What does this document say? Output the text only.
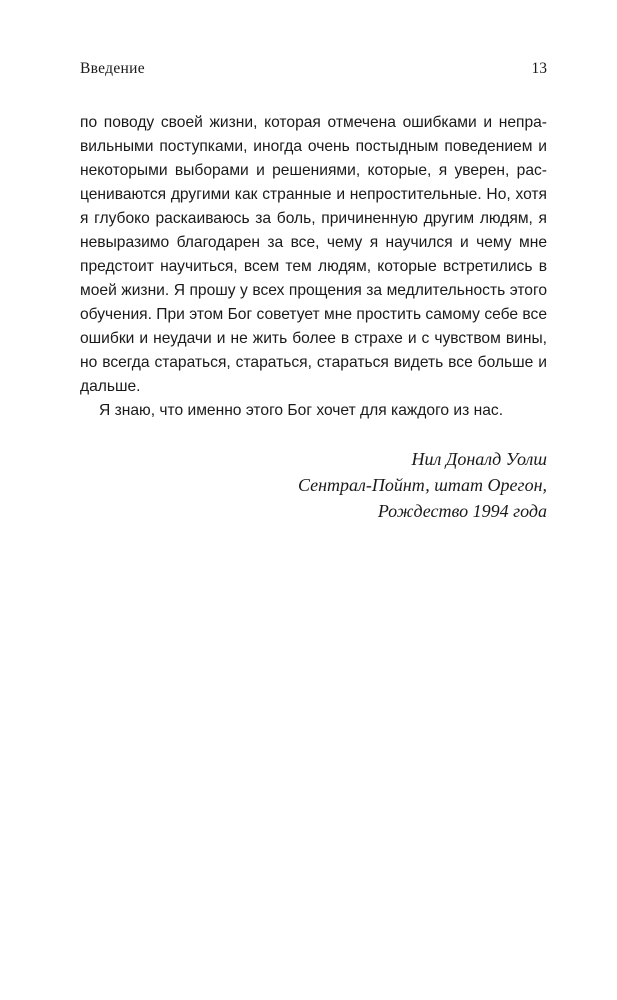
Введение	13
по поводу своей жизни, которая отмечена ошибками и непра-
вильными поступками, иногда очень постыдным поведением и
некоторыми выборами и решениями, которые, я уверен, рас-
цениваются другими как странные и непростительные. Но, хотя
я глубоко раскаиваюсь за боль, причиненную другим людям, я
невыразимо благодарен за все, чему я научился и чему мне
предстоит научиться, всем тем людям, которые встретились в
моей жизни. Я прошу у всех прощения за медлительность этого
обучения. При этом Бог советует мне простить самому себе все
ошибки и неудачи и не жить более в страхе и с чувством вины,
но всегда стараться, стараться, стараться видеть все больше и
дальше.
Я знаю, что именно этого Бог хочет для каждого из нас.
Нил Доналд Уолш
Сентрал-Пойнт, штат Орегон,
Рождество 1994 года
